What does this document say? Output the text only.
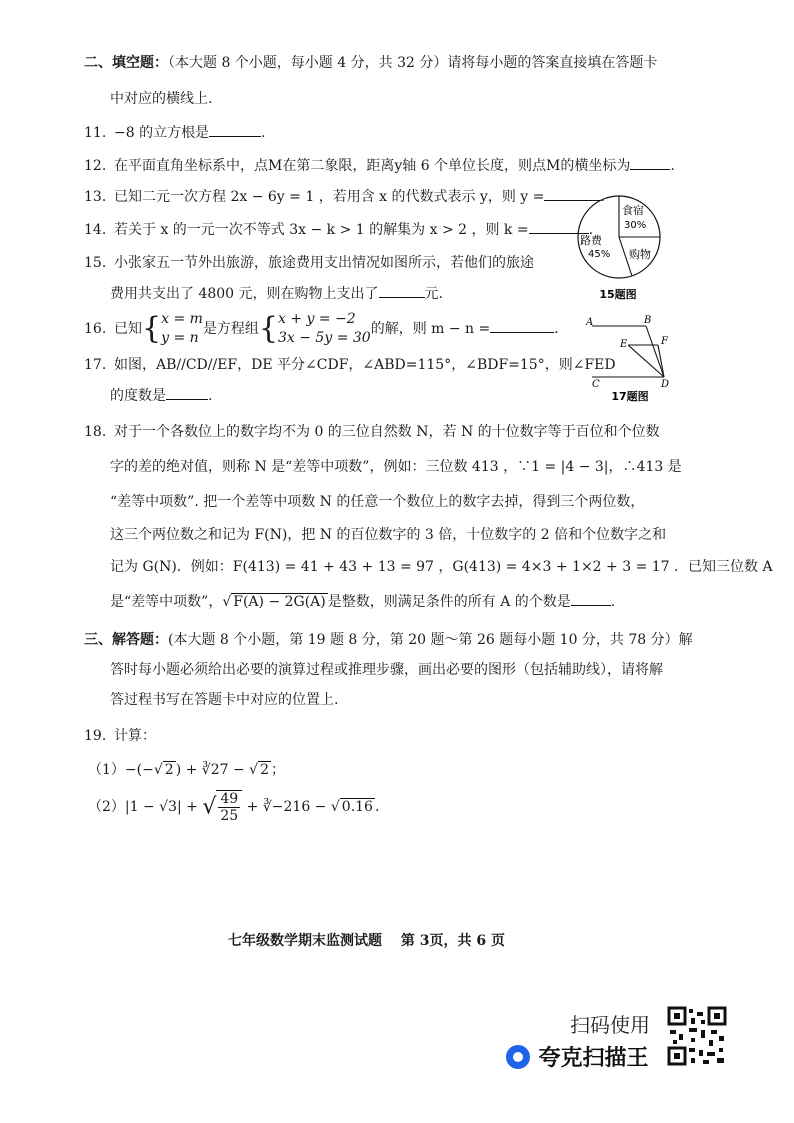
二、填空题：（本大题 8 个小题，每小题 4 分，共 32 分）请将每小题的答案直接填在答题卡
中对应的横线上.
11. −8 的立方根是	.
12. 在平面直角坐标系中，点M在第二象限，距离y轴 6 个单位长度，则点M的横坐标为	.
13. 已知二元一次方程 2x − 6y = 1 ，若用含 x 的代数式表示 y，则 y =	.
14. 若关于 x 的一元一次不等式 3x − k > 1 的解集为 x > 2 ，则 k =	.
15. 小张家五一节外出旅游，旅途费用支出情况如图所示，若他们的旅途
费用共支出了 4800 元，则在购物上支出了	元.
食宿
30%
购物
路费
45%
15题图
16. 已知{ x = m
y = n
是方程组{ x + y = −2
3x − 5y = 30
的解，则 m − n =	.
17. 如图，AB//CD//EF，DE 平分∠CDF，∠ABD=115°，∠BDF=15°，则∠FED
的度数是	.
A	B
E	F
C	D
17题图
18. 对于一个各数位上的数字均不为 0 的三位自然数 N，若 N 的十位数字等于百位和个位数
字的差的绝对值，则称 N 是“差等中项数”，例如：三位数 413 ，∵1 = |4 − 3|，∴413 是
“差等中项数”. 把一个差等中项数 N 的任意一个数位上的数字去掉，得到三个两位数，
这三个两位数之和记为 F(N)，把 N 的百位数字的 3 倍，十位数字的 2 倍和个位数字之和
记为 G(N)．例如：F(413) = 41 + 43 + 13 = 97 ，G(413) = 4×3 + 1×2 + 3 = 17 ．已知三位数 A
是“差等中项数”，√ F(A) − 2G(A) 是整数，则满足条件的所有 A 的个数是	.
三、解答题：(本大题 8 个小题，第 19 题 8 分，第 20 题～第 26 题每小题 10 分，共 78 分）解
答时每小题必须给出必要的演算过程或推理步骤，画出必要的图形（包括辅助线），请将解
答过程书写在答题卡中对应的位置上.
19. 计算：
（1）−(−√ 2 ) + ∛27 − √ 2 ；
（2）|1 − √3| + √ $\frac{49}{25}$ + ∛−216 − √ 0.16 .
七年级数学期末监测试题　 第 3页，共 6 页
扫码使用
夸克扫描王
